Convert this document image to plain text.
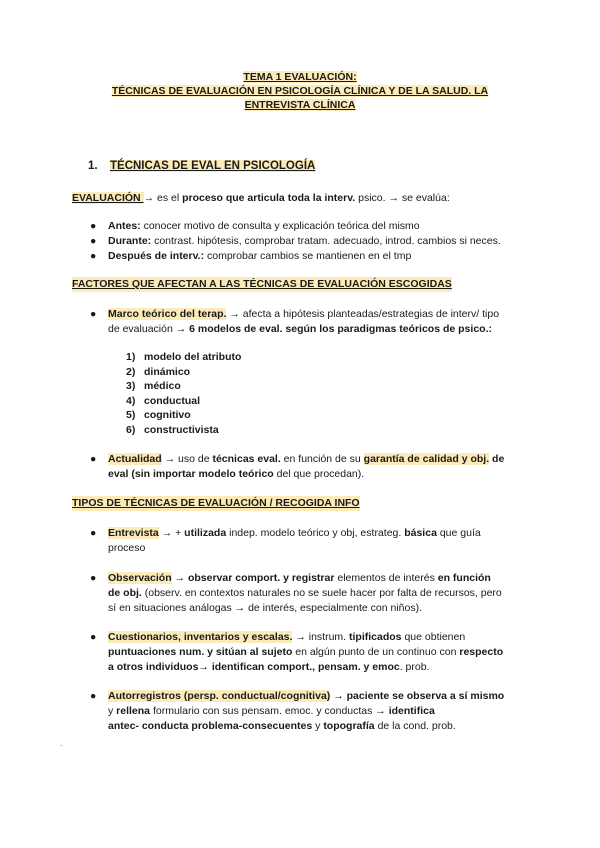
TEMA 1 EVALUACIÓN:
TÉCNICAS DE EVALUACIÓN EN PSICOLOGÍA CLÍNICA Y DE LA SALUD. LA
ENTREVISTA CLÍNICA
1. TÉCNICAS DE EVAL EN PSICOLOGÍA
EVALUACIÓN → es el proceso que articula toda la interv. psico. → se evalúa:
● Antes: conocer motivo de consulta y explicación teórica del mismo
● Durante: contrast. hipótesis, comprobar tratam. adecuado, introd. cambios si neces.
● Después de interv.: comprobar cambios se mantienen en el tmp
FACTORES QUE AFECTAN A LAS TÉCNICAS DE EVALUACIÓN ESCOGIDAS
● Marco teórico del terap. → afecta a hipótesis planteadas/estrategias de interv/ tipo
de evaluación → 6 modelos de eval. según los paradigmas teóricos de psico.:
1) modelo del atributo
2) dinámico
3) médico
4) conductual
5) cognitivo
6) constructivista
● Actualidad → uso de técnicas eval. en función de su garantía de calidad y obj. de
eval (sin importar modelo teórico del que procedan).
TIPOS DE TÉCNICAS DE EVALUACIÓN / RECOGIDA INFO
● Entrevista → + utilizada indep. modelo teórico y obj, estrateg. básica que guía
proceso
● Observación → observar comport. y registrar elementos de interés en función
de obj. (observ. en contextos naturales no se suele hacer por falta de recursos, pero
sí en situaciones análogas → de interés, especialmente con niños).
● Cuestionarios, inventarios y escalas. → instrum. tipificados que obtienen
puntuaciones num. y sitúan al sujeto en algún punto de un continuo con respecto
a otros individuos→ identifican comport., pensam. y emoc. prob.
● Autorregistros (persp. conductual/cognitiva) → paciente se observa a sí mismo
y rellena formulario con sus pensam. emoc. y conductas → identifica
antec- conducta problema-consecuentes y topografía de la cond. prob.
.
